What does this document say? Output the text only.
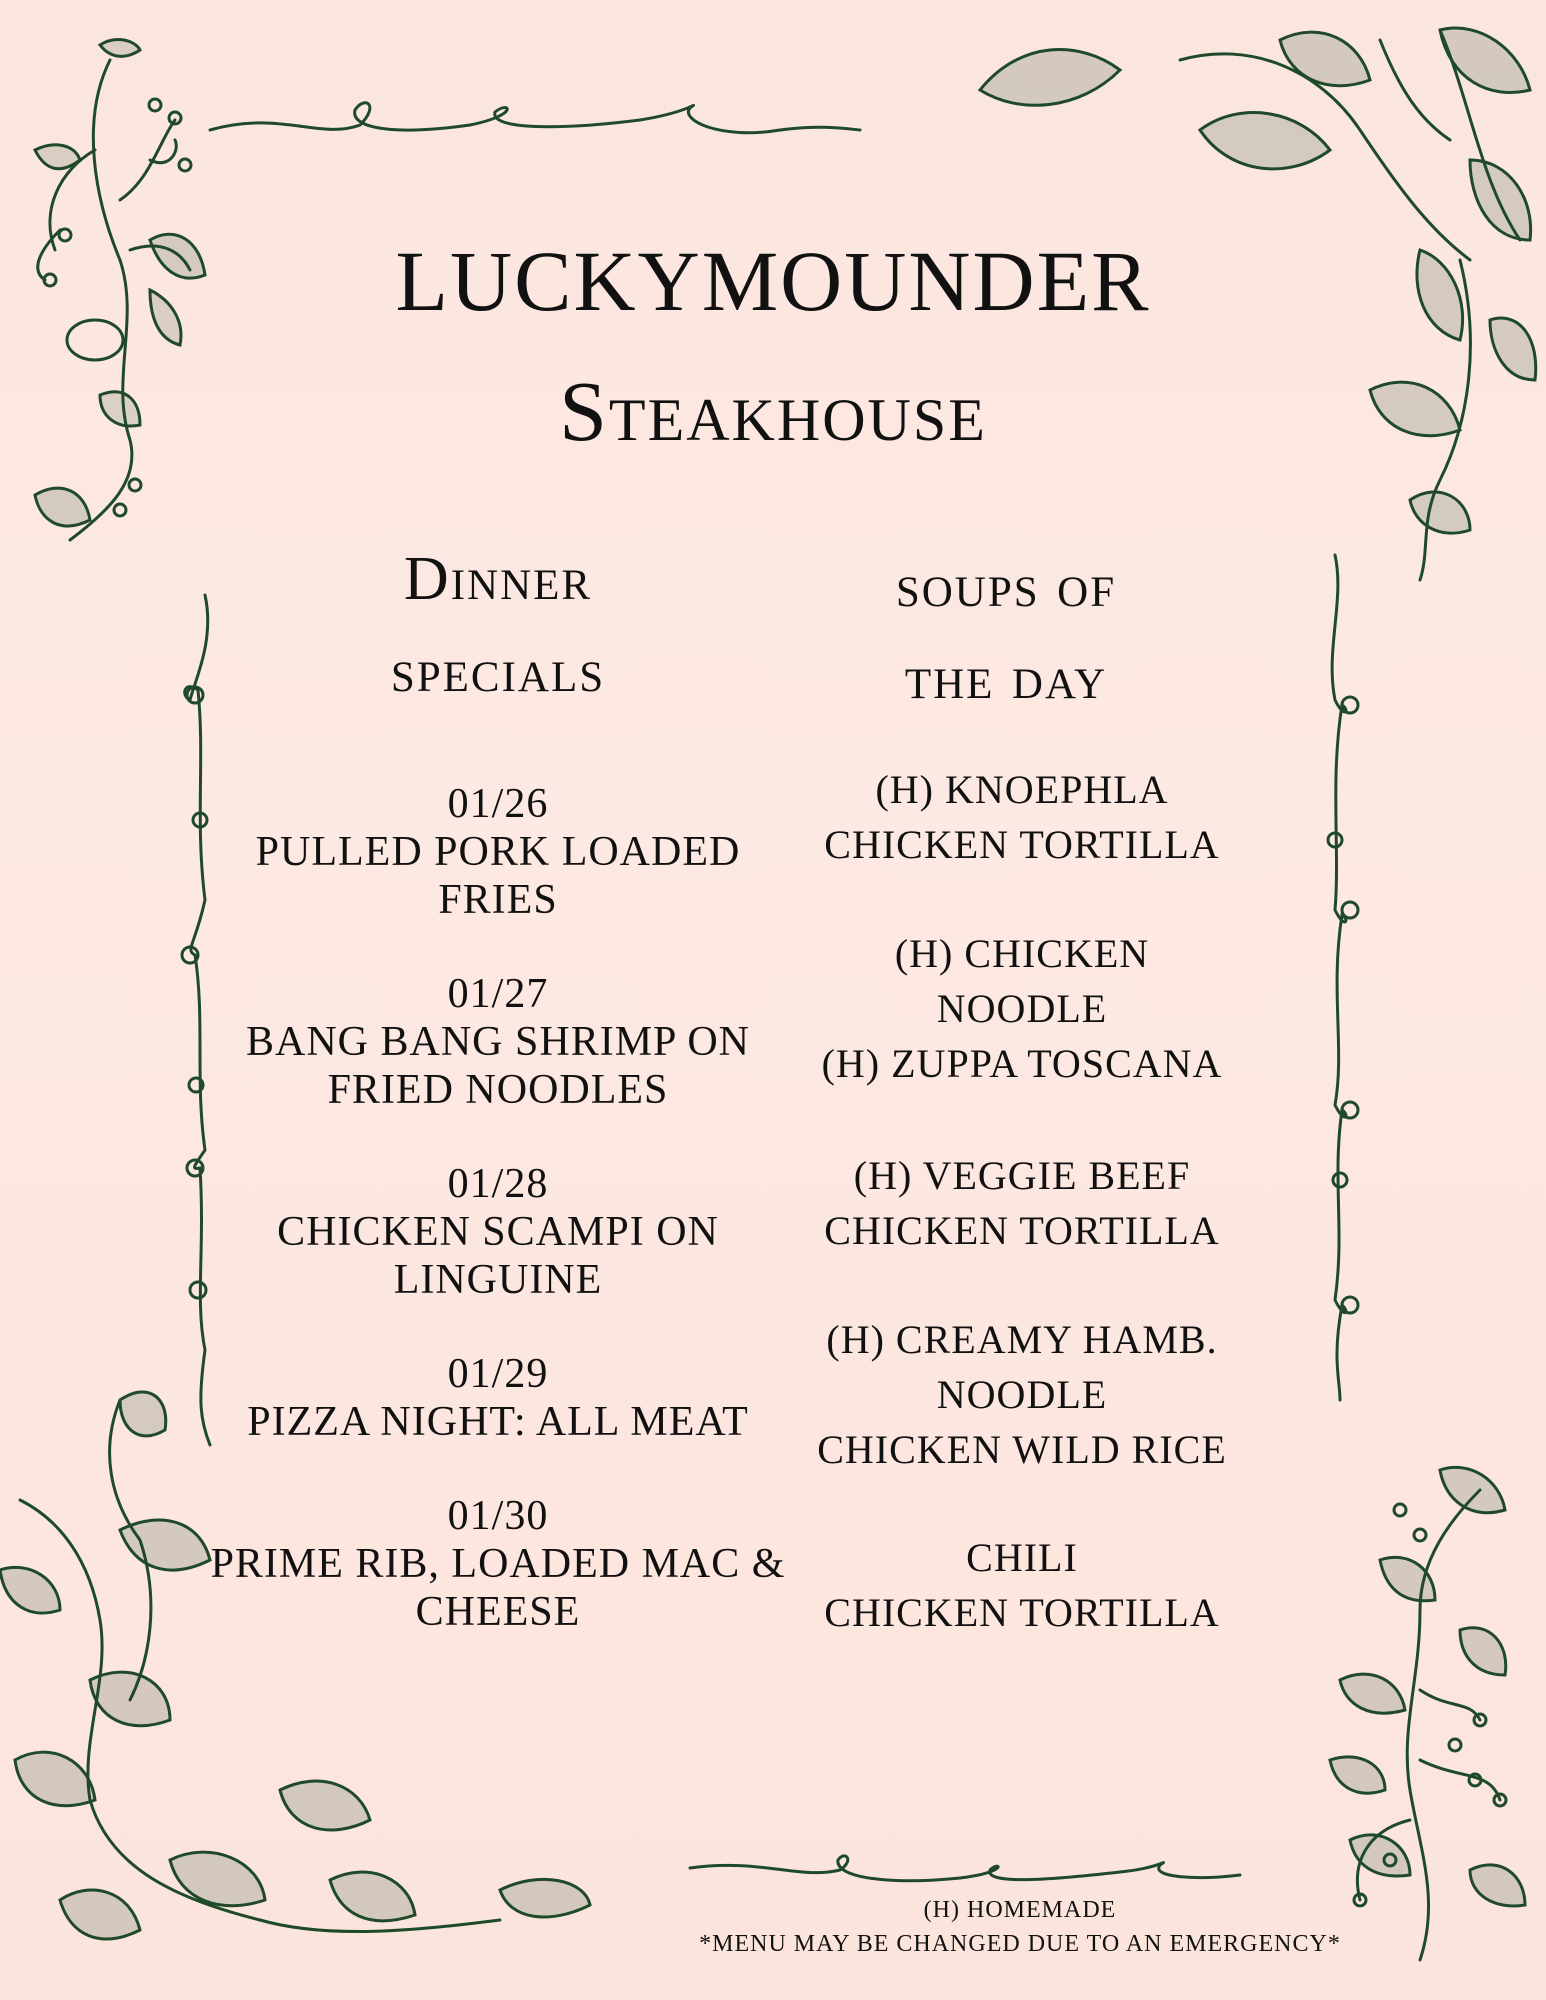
LUCKYMOUNDER
Steakhouse
Dinner
specials
soups of
the day
01/26
PULLED PORK LOADED
FRIES
01/27
BANG BANG SHRIMP ON
FRIED NOODLES
01/28
CHICKEN SCAMPI ON
LINGUINE
01/29
PIZZA NIGHT: ALL MEAT
01/30
PRIME RIB, LOADED MAC &
CHEESE
(H) KNOEPHLA
CHICKEN TORTILLA
(H) CHICKEN
NOODLE
(H) ZUPPA TOSCANA
(H) VEGGIE BEEF
CHICKEN TORTILLA
(H) CREAMY HAMB.
NOODLE
CHICKEN WILD RICE
CHILI
CHICKEN TORTILLA
(H) HOMEMADE
*MENU MAY BE CHANGED DUE TO AN EMERGENCY*
